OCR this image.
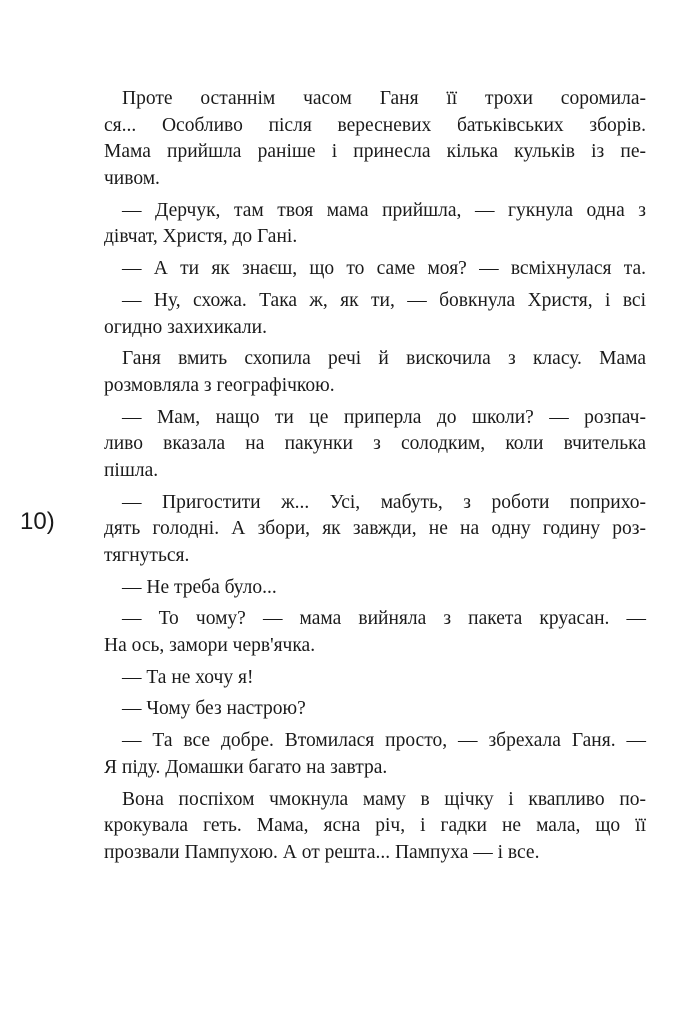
10)
Проте останнім часом Ганя її трохи соромила-
ся... Особливо після вересневих батьківських зборів.
Мама прийшла раніше і принесла кілька кульків із пе-
чивом.
— Дерчук, там твоя мама прийшла, — гукнула одна з
дівчат, Христя, до Гані.
— А ти як знаєш, що то саме моя? — всміхнулася та.
— Ну, схожа. Така ж, як ти, — бовкнула Христя, і всі
огидно захихикали.
Ганя вмить схопила речі й вискочила з класу. Мама
розмовляла з географічкою.
— Мам, нащо ти це приперла до школи? — розпач-
ливо вказала на пакунки з солодким, коли вчителька
пішла.
— Пригостити ж... Усі, мабуть, з роботи поприхо-
дять голодні. А збори, як завжди, не на одну годину роз-
тягнуться.
— Не треба було...
— То чому? — мама вийняла з пакета круасан. —
На ось, замори черв'ячка.
— Та не хочу я!
— Чому без настрою?
— Та все добре. Втомилася просто, — збрехала Ганя. —
Я піду. Домашки багато на завтра.
Вона поспіхом чмокнула маму в щічку і квапливо по-
крокувала геть. Мама, ясна річ, і гадки не мала, що її
прозвали Пампухою. А от решта... Пампуха — і все.
